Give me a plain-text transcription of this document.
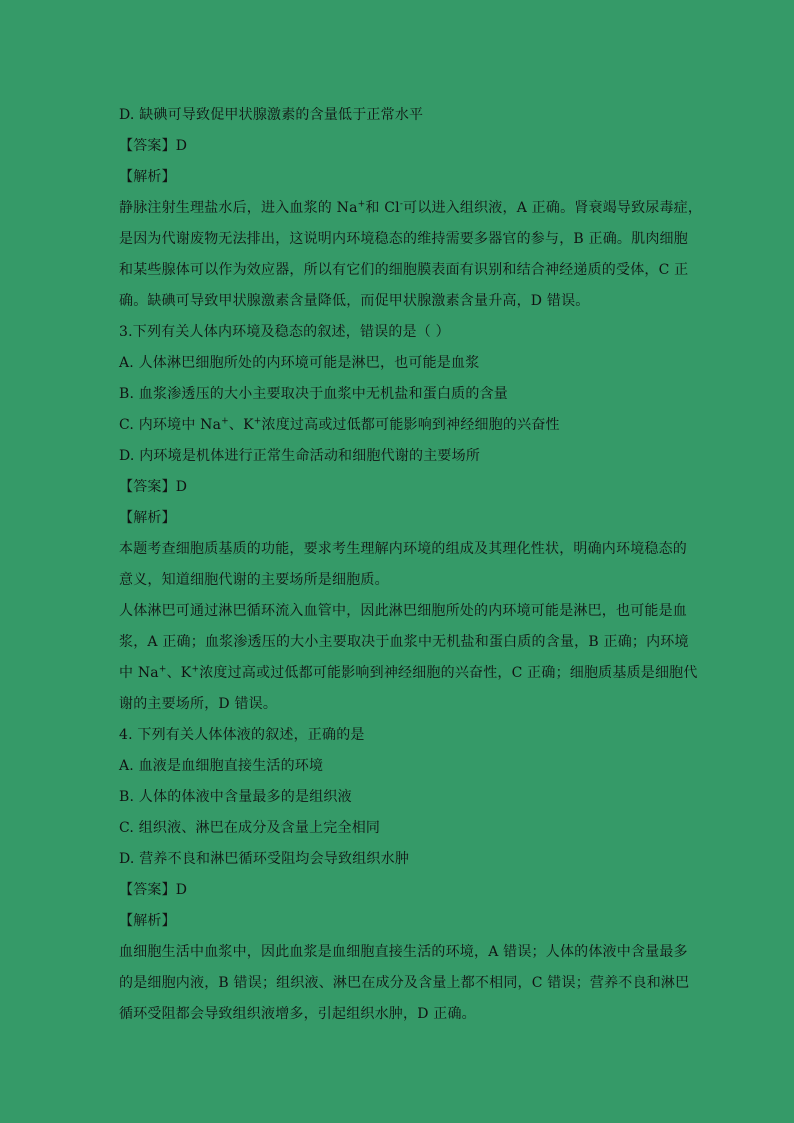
D. 缺碘可导致促甲状腺激素的含量低于正常水平
【答案】D
【解析】
静脉注射生理盐水后，进入血浆的 Na+和 Cl-可以进入组织液，A 正确。肾衰竭导致尿毒症，
是因为代谢废物无法排出，这说明内环境稳态的维持需要多器官的参与，B 正确。肌肉细胞
和某些腺体可以作为效应器，所以有它们的细胞膜表面有识别和结合神经递质的受体，C 正
确。缺碘可导致甲状腺激素含量降低，而促甲状腺激素含量升高，D 错误。
3.下列有关人体内环境及稳态的叙述，错误的是（ ）
A. 人体淋巴细胞所处的内环境可能是淋巴，也可能是血浆
B. 血浆渗透压的大小主要取决于血浆中无机盐和蛋白质的含量
C. 内环境中 Na+、K+浓度过高或过低都可能影响到神经细胞的兴奋性
D. 内环境是机体进行正常生命活动和细胞代谢的主要场所
【答案】D
【解析】
本题考查细胞质基质的功能，要求考生理解内环境的组成及其理化性状，明确内环境稳态的
意义，知道细胞代谢的主要场所是细胞质。
人体淋巴可通过淋巴循环流入血管中，因此淋巴细胞所处的内环境可能是淋巴，也可能是血
浆，A 正确；血浆渗透压的大小主要取决于血浆中无机盐和蛋白质的含量，B 正确；内环境
中 Na+、K+浓度过高或过低都可能影响到神经细胞的兴奋性，C 正确；细胞质基质是细胞代
谢的主要场所，D 错误。
4. 下列有关人体体液的叙述，正确的是
A. 血液是血细胞直接生活的环境
B. 人体的体液中含量最多的是组织液
C. 组织液、淋巴在成分及含量上完全相同
D. 营养不良和淋巴循环受阻均会导致组织水肿
【答案】D
【解析】
血细胞生活中血浆中，因此血浆是血细胞直接生活的环境，A 错误；人体的体液中含量最多
的是细胞内液，B 错误；组织液、淋巴在成分及含量上都不相同，C 错误；营养不良和淋巴
循环受阻都会导致组织液增多，引起组织水肿，D 正确。
